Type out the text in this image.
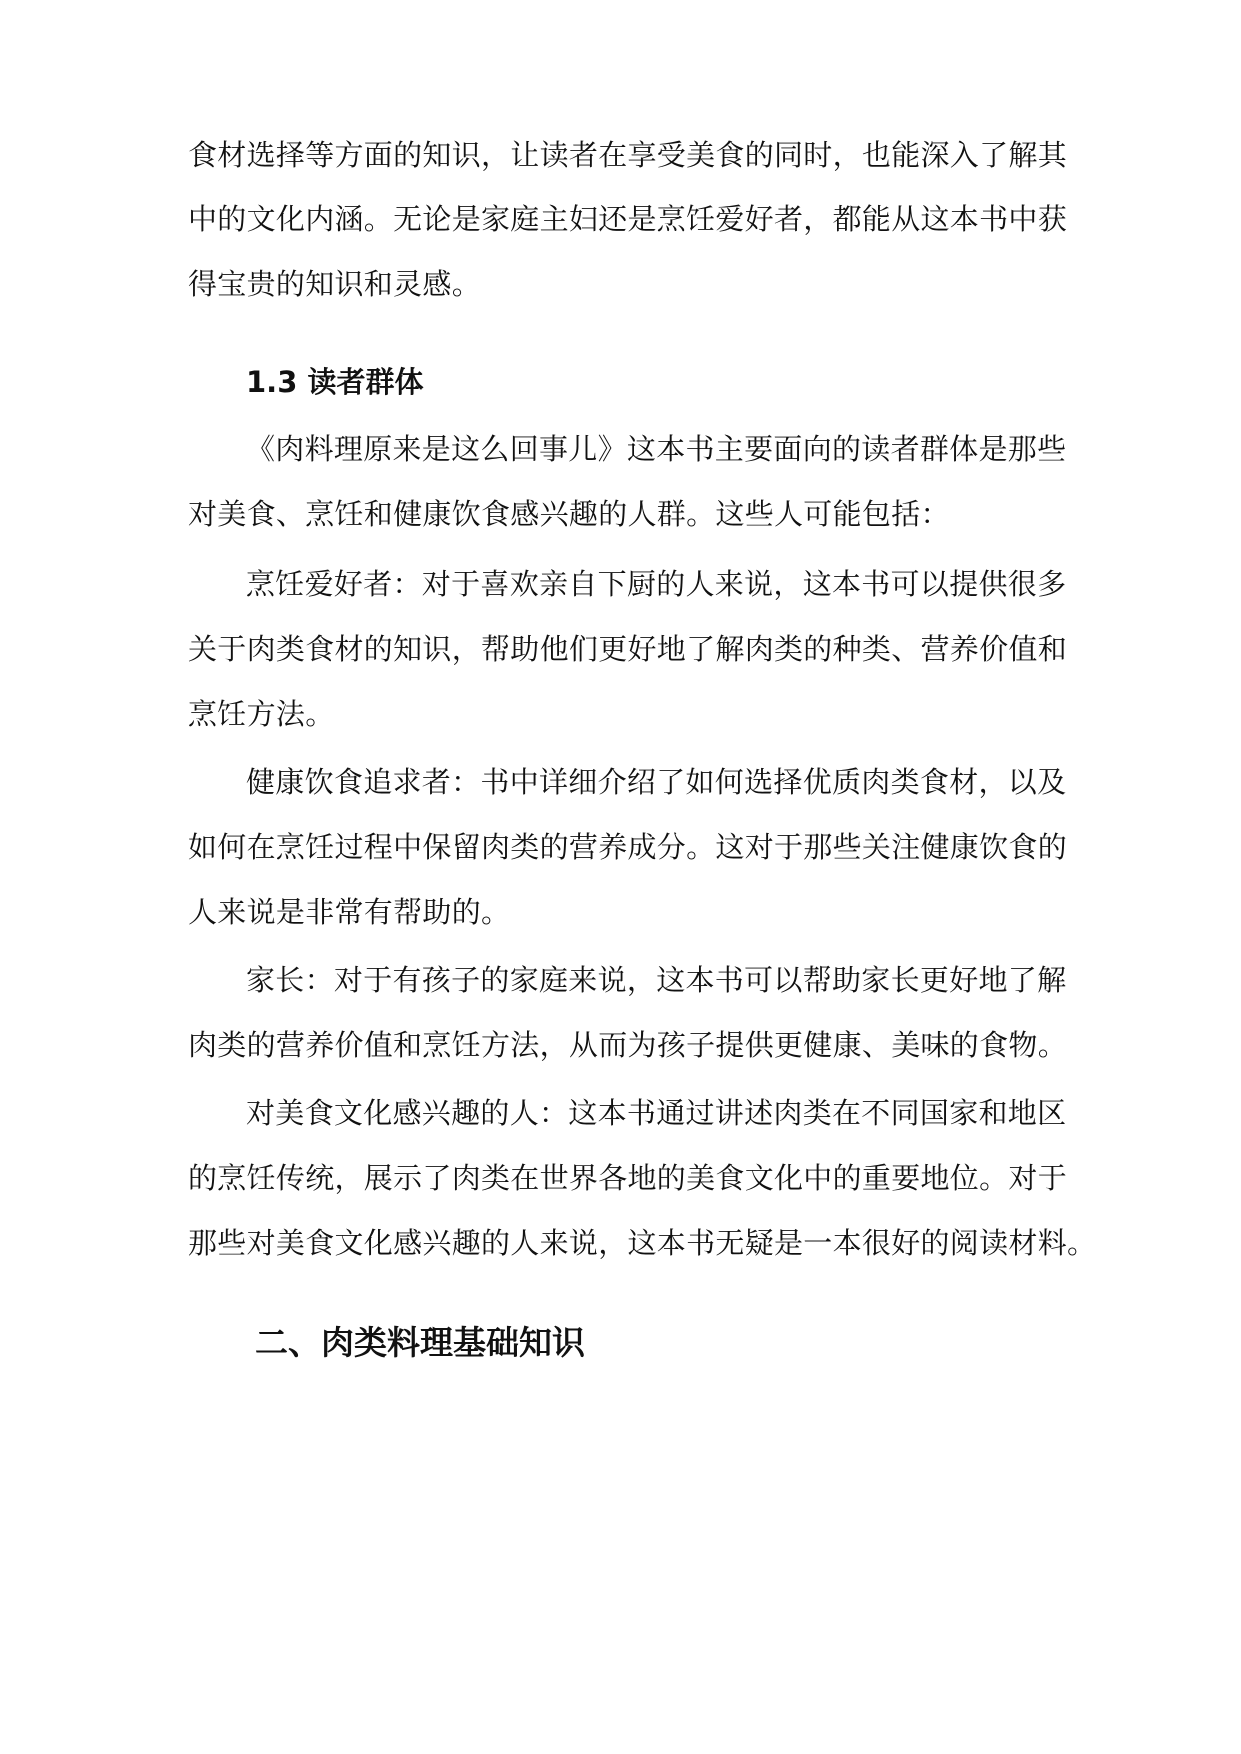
食材选择等方面的知识，让读者在享受美食的同时，也能深入了解其
中的文化内涵。无论是家庭主妇还是烹饪爱好者，都能从这本书中获
得宝贵的知识和灵感。
1.3 读者群体
《肉料理原来是这么回事儿》这本书主要面向的读者群体是那些
对美食、烹饪和健康饮食感兴趣的人群。这些人可能包括：
烹饪爱好者：对于喜欢亲自下厨的人来说，这本书可以提供很多
关于肉类食材的知识，帮助他们更好地了解肉类的种类、营养价值和
烹饪方法。
健康饮食追求者：书中详细介绍了如何选择优质肉类食材，以及
如何在烹饪过程中保留肉类的营养成分。这对于那些关注健康饮食的
人来说是非常有帮助的。
家长：对于有孩子的家庭来说，这本书可以帮助家长更好地了解
肉类的营养价值和烹饪方法，从而为孩子提供更健康、美味的食物。
对美食文化感兴趣的人：这本书通过讲述肉类在不同国家和地区
的烹饪传统，展示了肉类在世界各地的美食文化中的重要地位。对于
那些对美食文化感兴趣的人来说，这本书无疑是一本很好的阅读材料。
二、肉类料理基础知识
